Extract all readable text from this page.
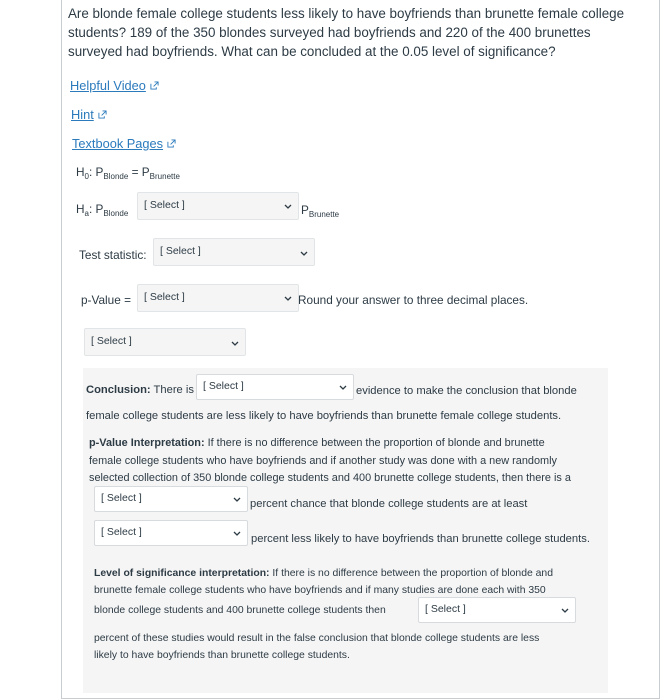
Are blonde female college students less likely to have boyfriends than brunette female college students? 189 of the 350 blondes surveyed had boyfriends and 220 of the 400 brunettes surveyed had boyfriends. What can be concluded at the 0.05 level of significance?
Helpful Video
Hint
Textbook Pages
$H_0$: $P_{Blonde} = P_{Brunette}$
$H_a$: $P_{Blonde}$
[ Select ]	$P_{Brunette}$
Test statistic: [ Select ]
p-Value = [ Select ]	Round your answer to three decimal places.
[ Select ]
Conclusion: There is [ Select ]	evidence to make the conclusion that blonde
female college students are less likely to have boyfriends than brunette female college students.
p-Value Interpretation: If there is no difference between the proportion of blonde and brunette
female college students who have boyfriends and if another study was done with a new randomly
selected collection of 350 blonde college students and 400 brunette college students, then there is a
[ Select ]	percent chance that blonde college students are at least
[ Select ]
percent less likely to have boyfriends than brunette college students.
Level of significance interpretation: If there is no difference between the proportion of blonde and
brunette female college students who have boyfriends and if many studies are done each with 350
blonde college students and 400 brunette college students then	[ Select ]
percent of these studies would result in the false conclusion that blonde college students are less
likely to have boyfriends than brunette college students.
